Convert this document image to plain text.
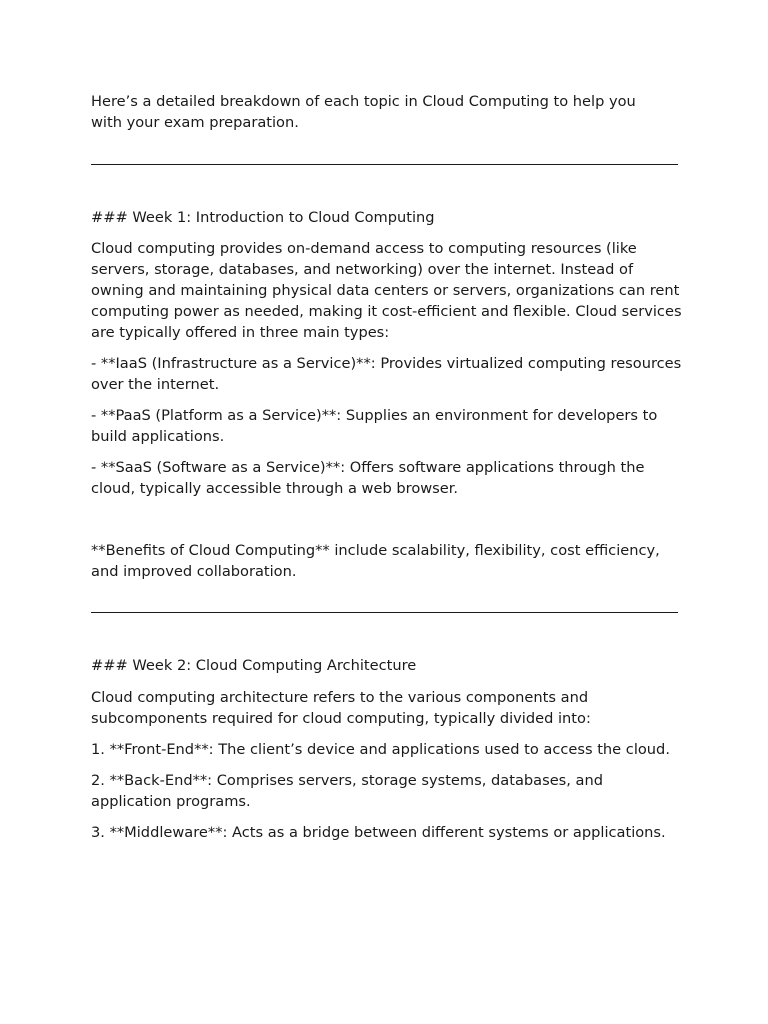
Here’s a detailed breakdown of each topic in Cloud Computing to help you with your exam preparation.

### Week 1: Introduction to Cloud Computing

Cloud computing provides on-demand access to computing resources (like servers, storage, databases, and networking) over the internet. Instead of owning and maintaining physical data centers or servers, organizations can rent computing power as needed, making it cost-efficient and flexible. Cloud services are typically offered in three main types:

- **IaaS (Infrastructure as a Service)**: Provides virtualized computing resources over the internet.

- **PaaS (Platform as a Service)**: Supplies an environment for developers to build applications.

- **SaaS (Software as a Service)**: Offers software applications through the cloud, typically accessible through a web browser.

**Benefits of Cloud Computing** include scalability, flexibility, cost efficiency, and improved collaboration.

### Week 2: Cloud Computing Architecture

Cloud computing architecture refers to the various components and subcomponents required for cloud computing, typically divided into:

1. **Front-End**: The client’s device and applications used to access the cloud.

2. **Back-End**: Comprises servers, storage systems, databases, and application programs.

3. **Middleware**: Acts as a bridge between different systems or applications.
